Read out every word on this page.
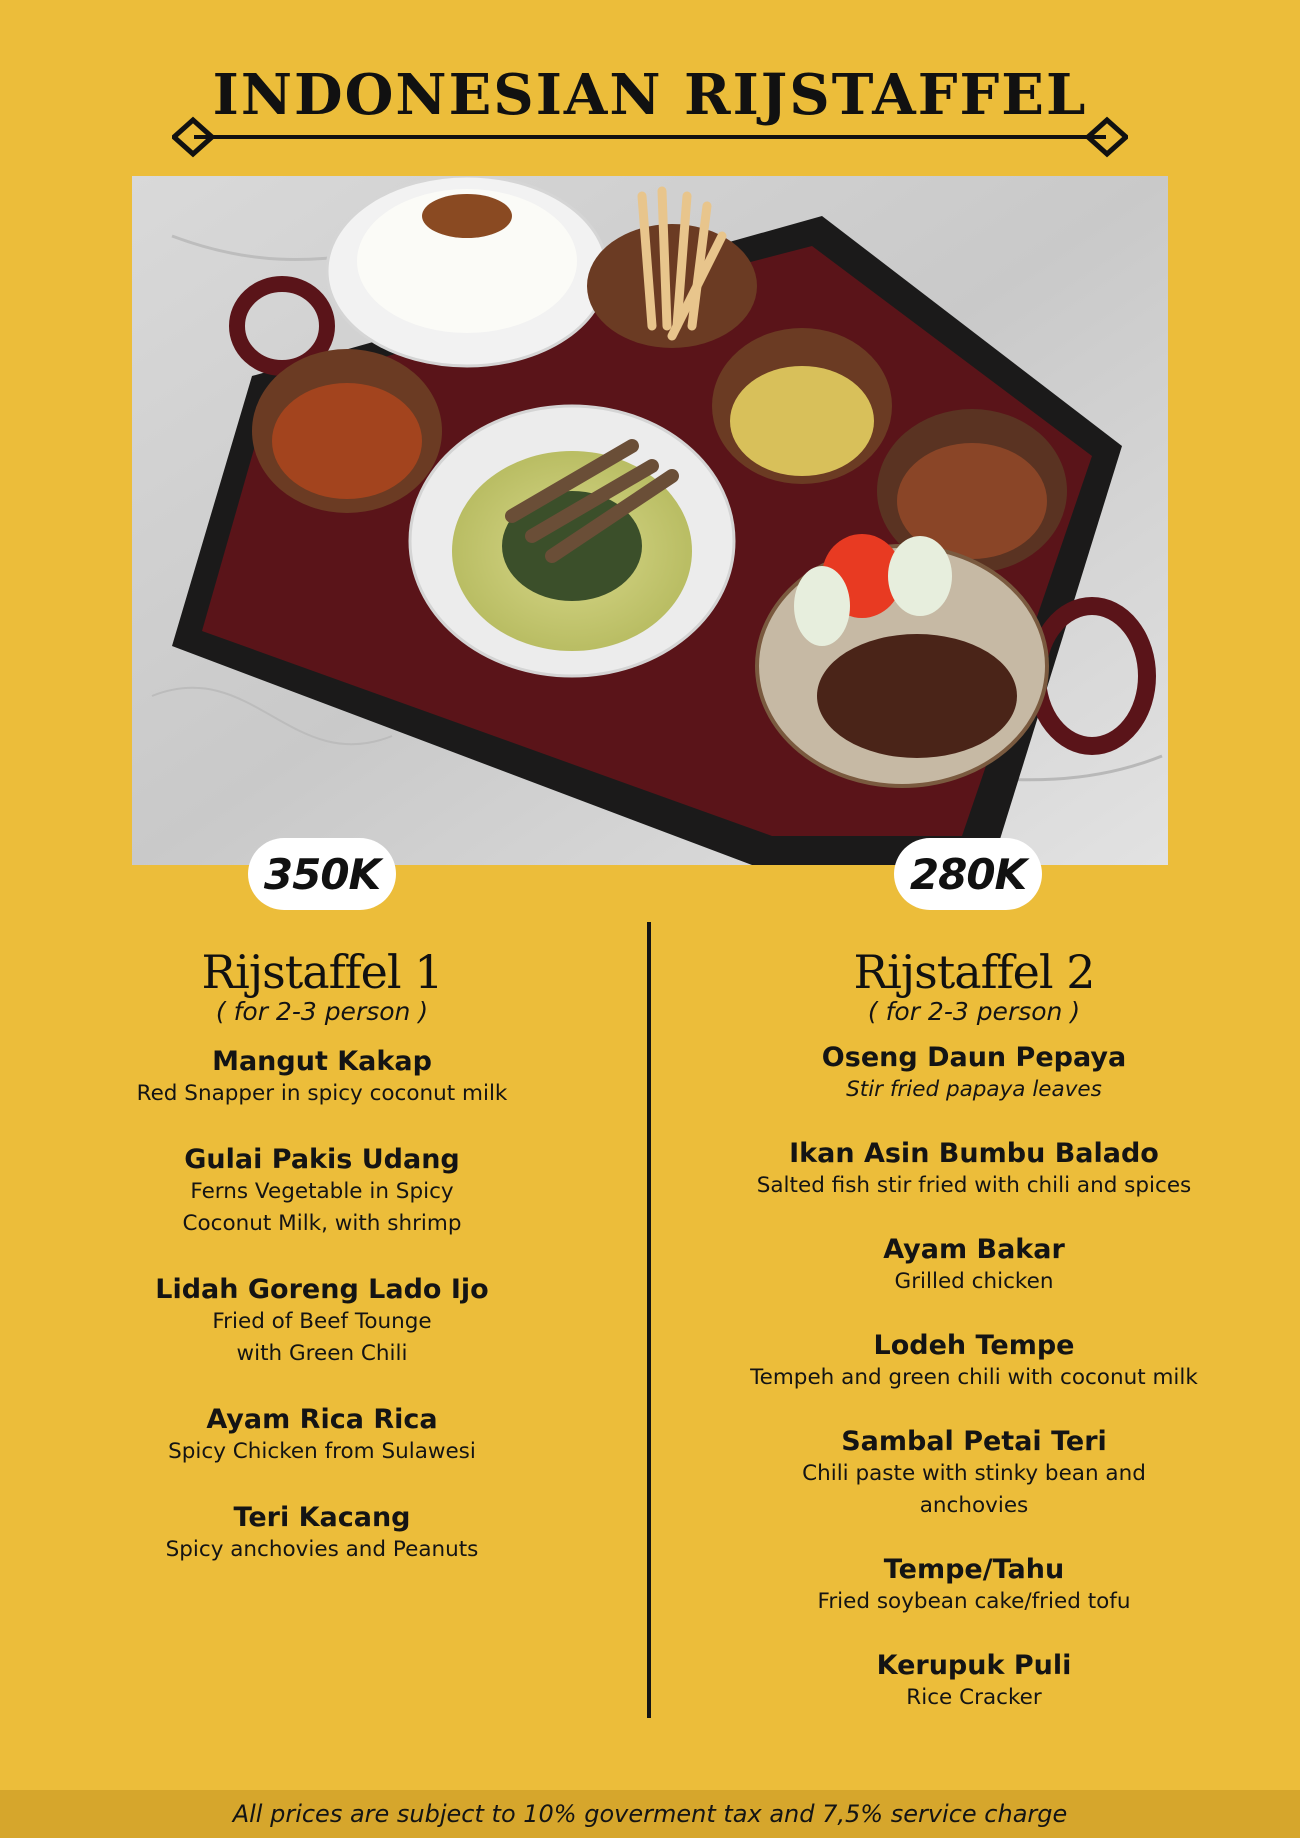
INDONESIAN RIJSTAFFEL
350K	280K
Rijstaffel 1
( for 2-3 person )
Mangut Kakap
Red Snapper in spicy coconut milk
Gulai Pakis Udang
Ferns Vegetable in Spicy
Coconut Milk, with shrimp
Lidah Goreng Lado Ijo
Fried of Beef Tounge
with Green Chili
Ayam Rica Rica
Spicy Chicken from Sulawesi
Teri Kacang
Spicy anchovies and Peanuts
Rijstaffel 2
( for 2-3 person )
Oseng Daun Pepaya
Stir fried papaya leaves
Ikan Asin Bumbu Balado
Salted fish stir fried with chili and spices
Ayam Bakar
Grilled chicken
Lodeh Tempe
Tempeh and green chili with coconut milk
Sambal Petai Teri
Chili paste with stinky bean and
anchovies
Tempe/Tahu
Fried soybean cake/fried tofu
Kerupuk Puli
Rice Cracker
All prices are subject to 10% goverment tax and 7,5% service charge
